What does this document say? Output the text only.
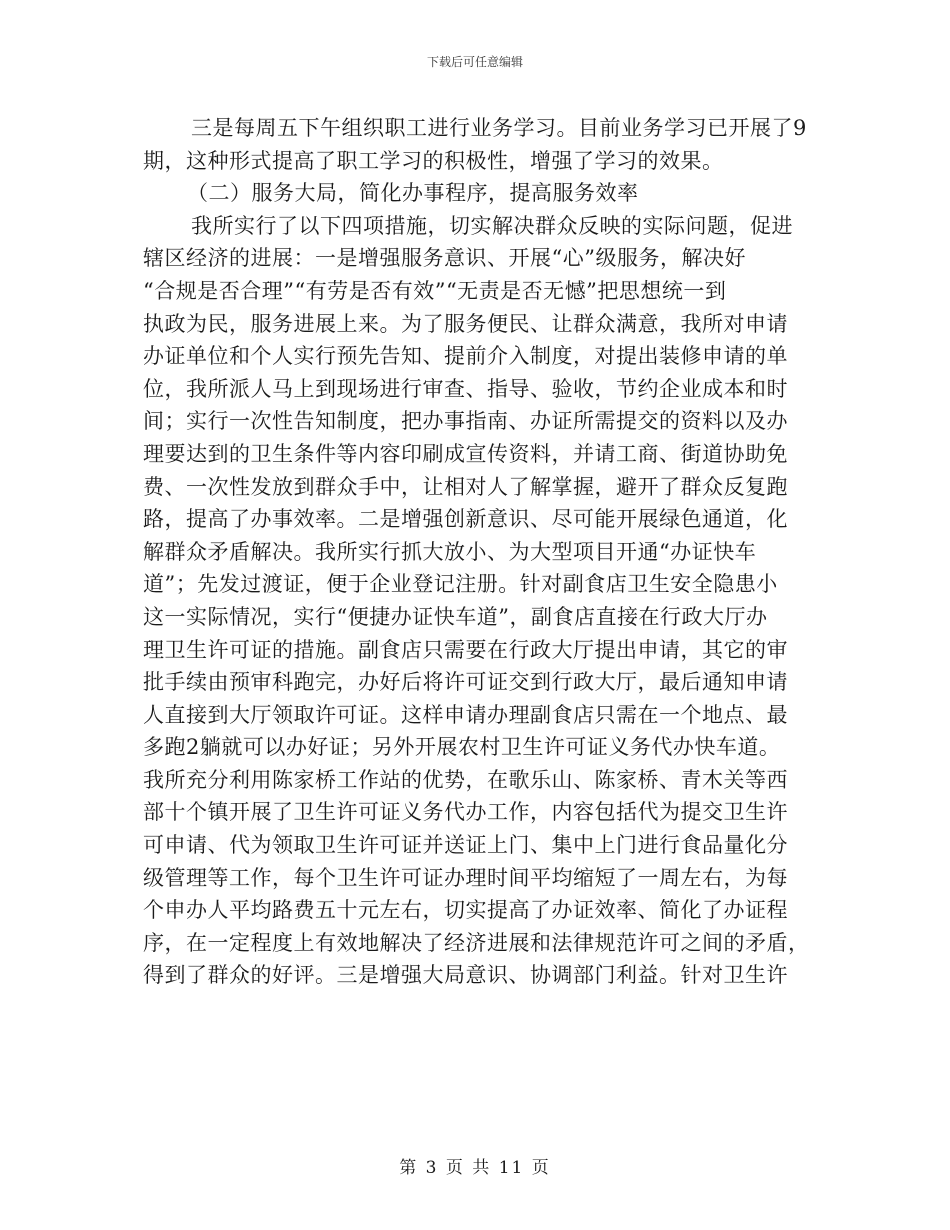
下载后可任意编辑
三是每周五下午组织职工进行业务学习。目前业务学习已开展了9
期，这种形式提高了职工学习的积极性，增强了学习的效果。
（二）服务大局，简化办事程序，提高服务效率
我所实行了以下四项措施，切实解决群众反映的实际问题，促进
辖区经济的进展：一是增强服务意识、开展“心”级服务，解决好
“合规是否合理”“有劳是否有效”“无责是否无憾”把思想统一到
执政为民，服务进展上来。为了服务便民、让群众满意，我所对申请
办证单位和个人实行预先告知、提前介入制度，对提出装修申请的单
位，我所派人马上到现场进行审查、指导、验收，节约企业成本和时
间；实行一次性告知制度，把办事指南、办证所需提交的资料以及办
理要达到的卫生条件等内容印刷成宣传资料，并请工商、街道协助免
费、一次性发放到群众手中，让相对人了解掌握，避开了群众反复跑
路，提高了办事效率。二是增强创新意识、尽可能开展绿色通道，化
解群众矛盾解决。我所实行抓大放小、为大型项目开通“办证快车
道”；先发过渡证，便于企业登记注册。针对副食店卫生安全隐患小
这一实际情况，实行“便捷办证快车道”，副食店直接在行政大厅办
理卫生许可证的措施。副食店只需要在行政大厅提出申请，其它的审
批手续由预审科跑完，办好后将许可证交到行政大厅，最后通知申请
人直接到大厅领取许可证。这样申请办理副食店只需在一个地点、最
多跑2躺就可以办好证；另外开展农村卫生许可证义务代办快车道。
我所充分利用陈家桥工作站的优势，在歌乐山、陈家桥、青木关等西
部十个镇开展了卫生许可证义务代办工作，内容包括代为提交卫生许
可申请、代为领取卫生许可证并送证上门、集中上门进行食品量化分
级管理等工作，每个卫生许可证办理时间平均缩短了一周左右，为每
个申办人平均路费五十元左右，切实提高了办证效率、简化了办证程
序，在一定程度上有效地解决了经济进展和法律规范许可之间的矛盾，
得到了群众的好评。三是增强大局意识、协调部门利益。针对卫生许
第 3 页 共 11 页
